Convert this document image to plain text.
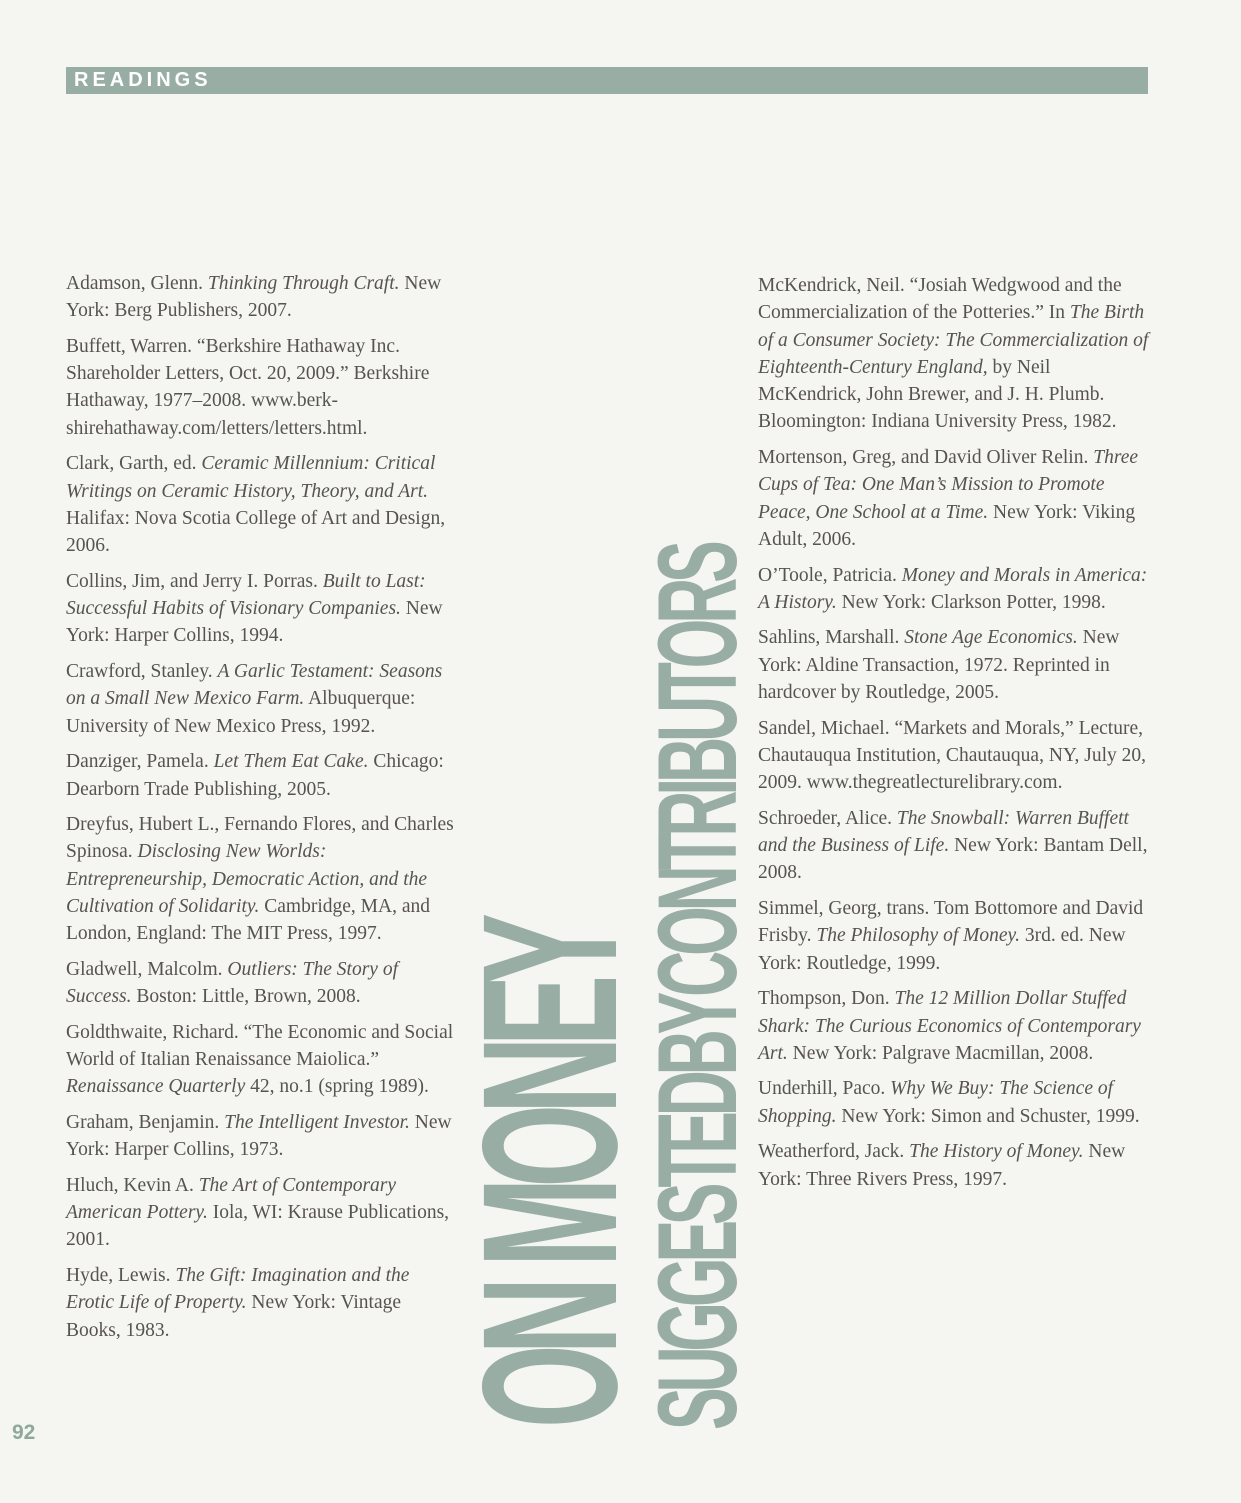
READINGS

Adamson, Glenn. Thinking Through Craft. New York: Berg Publishers, 2007.

Buffett, Warren. “Berkshire Hathaway Inc. Shareholder Letters, Oct. 20, 2009.” Berkshire Hathaway, 1977–2008. www.berkshirehathaway.com/letters/letters.html.

Clark, Garth, ed. Ceramic Millennium: Critical Writings on Ceramic History, Theory, and Art. Halifax: Nova Scotia College of Art and Design, 2006.

Collins, Jim, and Jerry I. Porras. Built to Last: Successful Habits of Visionary Companies. New York: Harper Collins, 1994.

Crawford, Stanley. A Garlic Testament: Seasons on a Small New Mexico Farm. Albuquerque: University of New Mexico Press, 1992.

Danziger, Pamela. Let Them Eat Cake. Chicago: Dearborn Trade Publishing, 2005.

Dreyfus, Hubert L., Fernando Flores, and Charles Spinosa. Disclosing New Worlds: Entrepreneurship, Democratic Action, and the Cultivation of Solidarity. Cambridge, MA, and London, England: The MIT Press, 1997.

Gladwell, Malcolm. Outliers: The Story of Success. Boston: Little, Brown, 2008.

Goldthwaite, Richard. “The Economic and Social World of Italian Renaissance Maiolica.” Renaissance Quarterly 42, no.1 (spring 1989).

Graham, Benjamin. The Intelligent Investor. New York: Harper Collins, 1973.

Hluch, Kevin A. The Art of Contemporary American Pottery. Iola, WI: Krause Publications, 2001.

Hyde, Lewis. The Gift: Imagination and the Erotic Life of Property. New York: Vintage Books, 1983.	ON MONEY
SUGGESTEDBYCONTRIBUTORS

McKendrick, Neil. “Josiah Wedgwood and the Commercialization of the Potteries.” In The Birth of a Consumer Society: The Commercialization of Eighteenth-Century England, by Neil McKendrick, John Brewer, and J. H. Plumb. Bloomington: Indiana University Press, 1982.

Mortenson, Greg, and David Oliver Relin. Three Cups of Tea: One Man’s Mission to Promote Peace, One School at a Time. New York: Viking Adult, 2006.

O’Toole, Patricia. Money and Morals in America: A History. New York: Clarkson Potter, 1998.

Sahlins, Marshall. Stone Age Economics. New York: Aldine Transaction, 1972. Reprinted in hardcover by Routledge, 2005.

Sandel, Michael. “Markets and Morals,” Lecture, Chautauqua Institution, Chautauqua, NY, July 20, 2009. www.thegreatlecturelibrary.com.

Schroeder, Alice. The Snowball: Warren Buffett and the Business of Life. New York: Bantam Dell, 2008.

Simmel, Georg, trans. Tom Bottomore and David Frisby. The Philosophy of Money. 3rd. ed. New York: Routledge, 1999.

Thompson, Don. The 12 Million Dollar Stuffed Shark: The Curious Economics of Contemporary Art. New York: Palgrave Macmillan, 2008.

Underhill, Paco. Why We Buy: The Science of Shopping. New York: Simon and Schuster, 1999.

Weatherford, Jack. The History of Money. New York: Three Rivers Press, 1997.

92
